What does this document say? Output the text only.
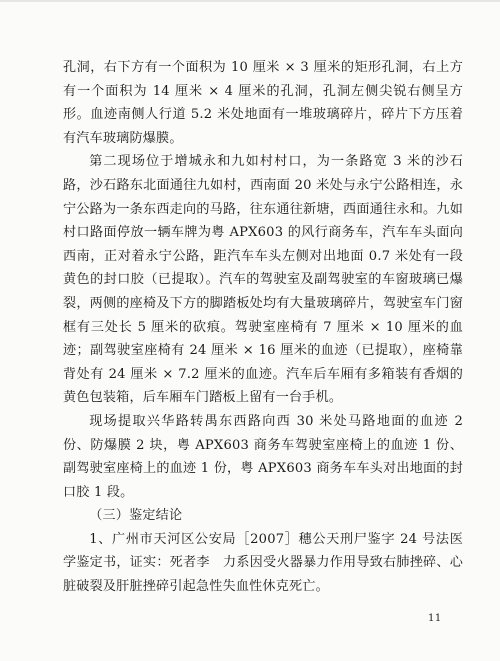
孔洞，右下方有一个面积为 10 厘米 × 3 厘米的矩形孔洞，右上方有一个面积为 14 厘米 × 4 厘米的孔洞，孔洞左侧尖锐右侧呈方形。血迹南侧人行道 5.2 米处地面有一堆玻璃碎片，碎片下方压着有汽车玻璃防爆膜。

第二现场位于增城永和九如村村口，为一条路宽 3 米的沙石路，沙石路东北面通往九如村，西南面 20 米处与永宁公路相连，永宁公路为一条东西走向的马路，往东通往新塘，西面通往永和。九如村口路面停放一辆车牌为粤 APX603 的风行商务车，汽车车头面向西南，正对着永宁公路，距汽车车头左侧对出地面 0.7 米处有一段黄色的封口胶（已提取）。汽车的驾驶室及副驾驶室的车窗玻璃已爆裂，两侧的座椅及下方的脚踏板处均有大量玻璃碎片，驾驶室车门窗框有三处长 5 厘米的砍痕。驾驶室座椅有 7 厘米 × 10 厘米的血迹；副驾驶室座椅有 24 厘米 × 16 厘米的血迹（已提取），座椅靠背处有 24 厘米 × 7.2 厘米的血迹。汽车后车厢有多箱装有香烟的黄色包装箱，后车厢车门踏板上留有一台手机。

现场提取兴华路转禺东西路向西 30 米处马路地面的血迹 2 份、防爆膜 2 块，粤 APX603 商务车驾驶室座椅上的血迹 1 份、副驾驶室座椅上的血迹 1 份，粤 APX603 商务车车头对出地面的封口胶 1 段。

（三）鉴定结论

1、广州市天河区公安局［2007］穗公天刑尸鉴字 24 号法医学鉴定书，证实：死者李　力系因受火器暴力作用导致右肺挫碎、心脏破裂及肝脏挫碎引起急性失血性休克死亡。

11
